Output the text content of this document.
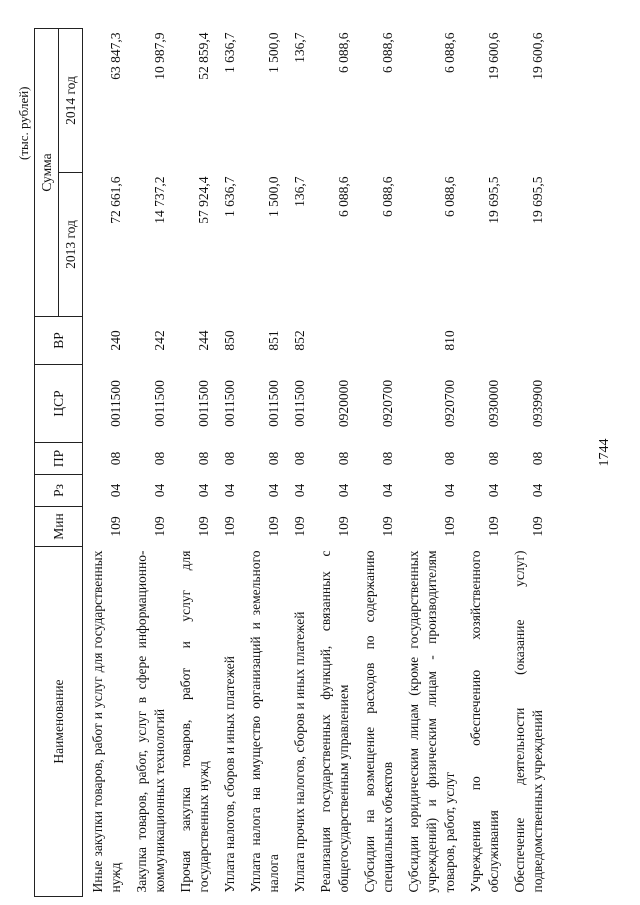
(тыс. рублей)
Наименование	Мин	Рз	ПР	ЦСР	ВР	Сумма	
						2013 год	2014 год
Иные закупки товаров, работ и услуг для государственных нужд	109	04	08	0011500	240	72 661,6	63 847,3
Закупка товаров, работ, услуг в сфере информационно-коммуникационных технологий	109	04	08	0011500	242	14 737,2	10 987,9
Прочая закупка товаров, работ и услуг для государственных нужд	109	04	08	0011500	244	57 924,4	52 859,4
Уплата налогов, сборов и иных платежей	109	04	08	0011500	850	1 636,7	1 636,7
Уплата налога на имущество организаций и земельного налога	109	04	08	0011500	851	1 500,0	1 500,0
Уплата прочих налогов, сборов и иных платежей	109	04	08	0011500	852	136,7	136,7
Реализация государственных функций, связанных с общегосударственным управлением	109	04	08	0920000		6 088,6	6 088,6
Субсидии на возмещение расходов по содержанию специальных объектов	109	04	08	0920700		6 088,6	6 088,6
Субсидии юридическим лицам (кроме государственных учреждений) и физическим лицам - производителям товаров, работ, услуг	109	04	08	0920700	810	6 088,6	6 088,6
Учреждения по обеспечению хозяйственного обслуживания	109	04	08	0930000		19 695,5	19 600,6
Обеспечение деятельности (оказание услуг) подведомственных учреждений	109	04	08	0939900		19 695,5	19 600,6
1744
